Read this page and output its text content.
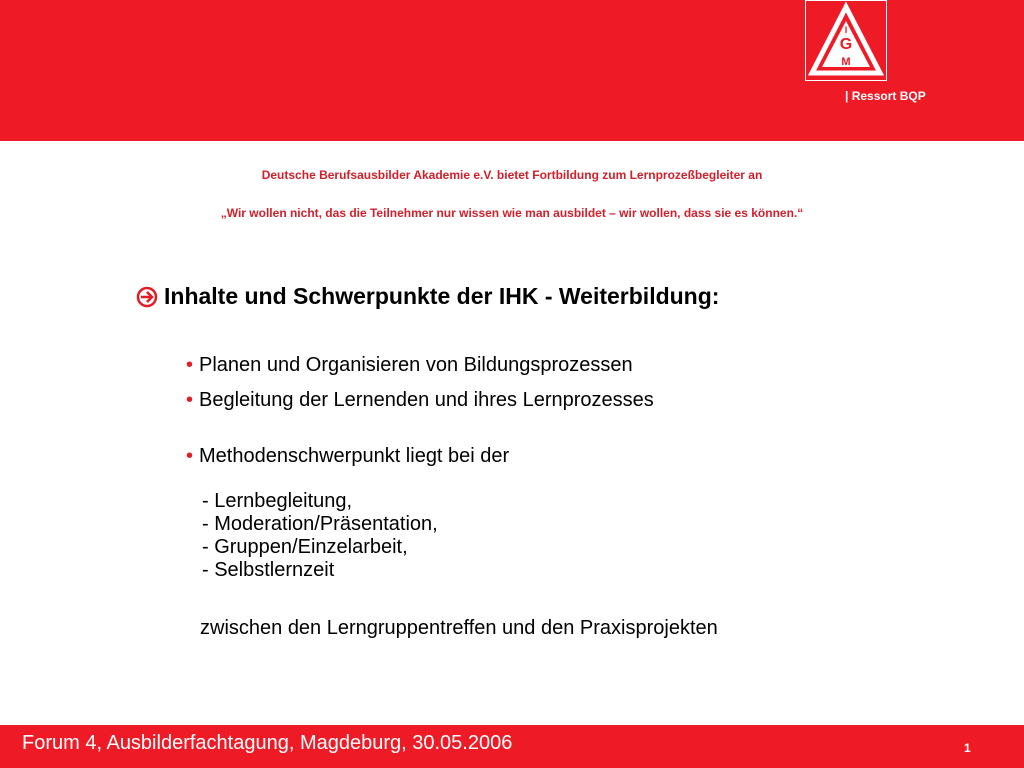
G
M
I
| Ressort BQP
Deutsche Berufsausbilder Akademie e.V. bietet Fortbildung zum Lernprozeßbegleiter an
„Wir wollen nicht, das die Teilnehmer nur wissen wie man ausbildet – wir wollen, dass sie es können.“
Inhalte und Schwerpunkte der IHK - Weiterbildung:
• Planen und Organisieren von Bildungsprozessen
• Begleitung der Lernenden und ihres Lernprozesses
• Methodenschwerpunkt liegt bei der
- Lernbegleitung,
- Moderation/Präsentation,
- Gruppen/Einzelarbeit,
- Selbstlernzeit
zwischen den Lerngruppentreffen und den Praxisprojekten
Forum 4, Ausbilderfachtagung, Magdeburg, 30.05.2006	1
